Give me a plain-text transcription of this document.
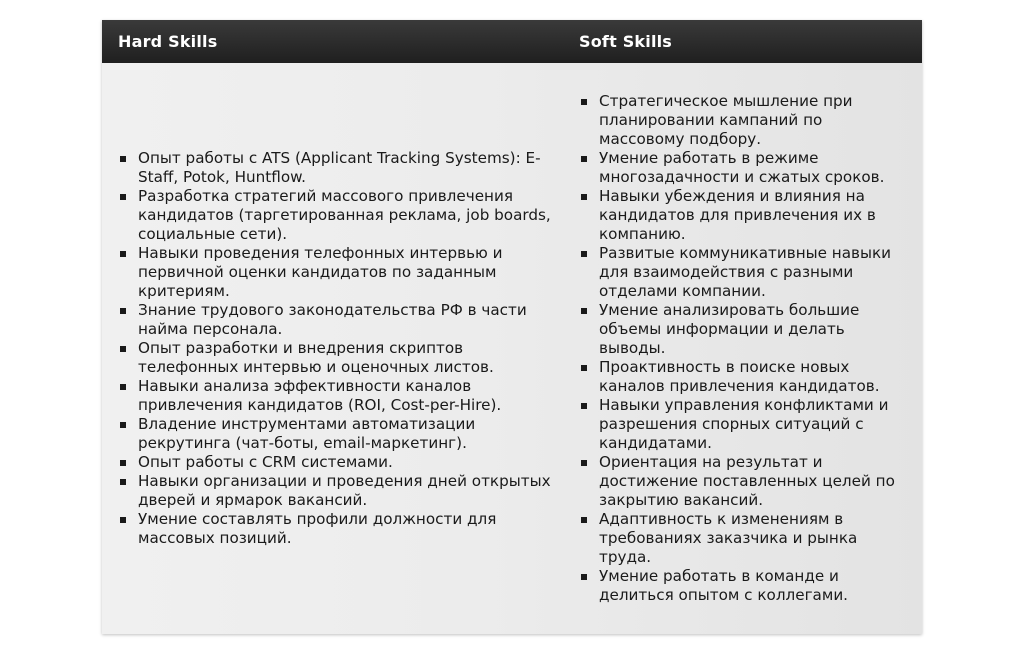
Hard Skills	Soft Skills
Опыт работы с ATS (Applicant Tracking Systems): E-Staff, Potok, Huntflow.
Разработка стратегий массового привлечения кандидатов (таргетированная реклама, job boards, социальные сети).
Навыки проведения телефонных интервью и первичной оценки кандидатов по заданным критериям.
Знание трудового законодательства РФ в части найма персонала.
Опыт разработки и внедрения скриптов телефонных интервью и оценочных листов.
Навыки анализа эффективности каналов привлечения кандидатов (ROI, Cost-per-Hire).
Владение инструментами автоматизации рекрутинга (чат-боты, email-маркетинг).
Опыт работы с CRM системами.
Навыки организации и проведения дней открытых дверей и ярмарок вакансий.
Умение составлять профили должности для массовых позиций.
Стратегическое мышление при планировании кампаний по массовому подбору.
Умение работать в режиме многозадачности и сжатых сроков.
Навыки убеждения и влияния на кандидатов для привлечения их в компанию.
Развитые коммуникативные навыки для взаимодействия с разными отделами компании.
Умение анализировать большие объемы информации и делать выводы.
Проактивность в поиске новых каналов привлечения кандидатов.
Навыки управления конфликтами и разрешения спорных ситуаций с кандидатами.
Ориентация на результат и достижение поставленных целей по закрытию вакансий.
Адаптивность к изменениям в требованиях заказчика и рынка труда.
Умение работать в команде и делиться опытом с коллегами.
